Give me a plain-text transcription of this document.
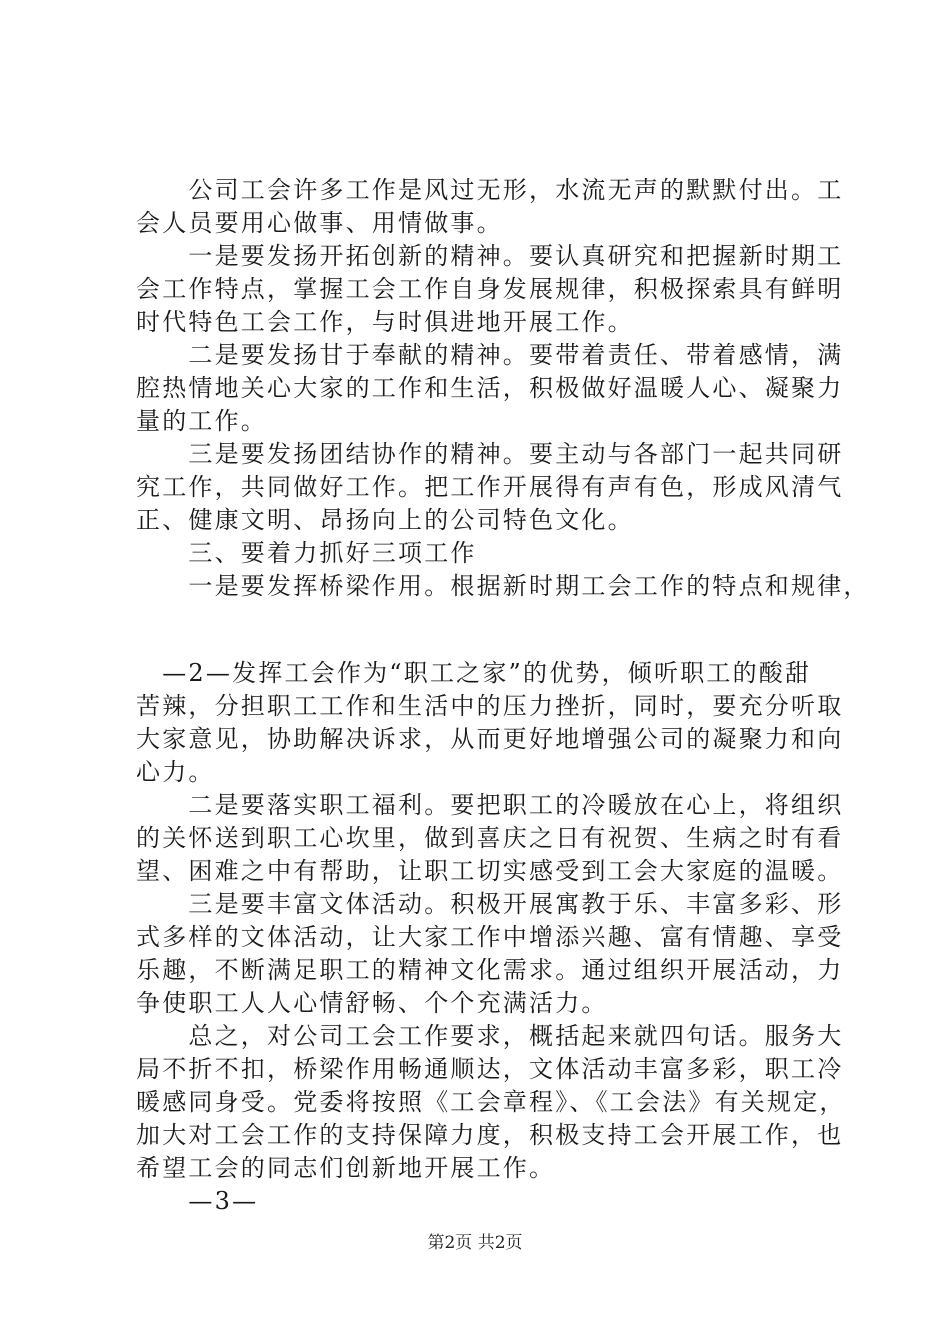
　　公司工会许多工作是风过无形，水流无声的默默付出。工
会人员要用心做事、用情做事。
　　一是要发扬开拓创新的精神。要认真研究和把握新时期工
会工作特点，掌握工会工作自身发展规律，积极探索具有鲜明
时代特色工会工作，与时俱进地开展工作。
　　二是要发扬甘于奉献的精神。要带着责任、带着感情，满
腔热情地关心大家的工作和生活，积极做好温暖人心、凝聚力
量的工作。
　　三是要发扬团结协作的精神。要主动与各部门一起共同研
究工作，共同做好工作。把工作开展得有声有色，形成风清气
正、健康文明、昂扬向上的公司特色文化。
　　三、要着力抓好三项工作
　　一是要发挥桥梁作用。根据新时期工会工作的特点和规律，
　—2—发挥工会作为“职工之家”的优势，倾听职工的酸甜
苦辣，分担职工工作和生活中的压力挫折，同时，要充分听取
大家意见，协助解决诉求，从而更好地增强公司的凝聚力和向
心力。
　　二是要落实职工福利。要把职工的冷暖放在心上，将组织
的关怀送到职工心坎里，做到喜庆之日有祝贺、生病之时有看
望、困难之中有帮助，让职工切实感受到工会大家庭的温暖。
　　三是要丰富文体活动。积极开展寓教于乐、丰富多彩、形
式多样的文体活动，让大家工作中增添兴趣、富有情趣、享受
乐趣，不断满足职工的精神文化需求。通过组织开展活动，力
争使职工人人心情舒畅、个个充满活力。
　　总之，对公司工会工作要求，概括起来就四句话。服务大
局不折不扣，桥梁作用畅通顺达，文体活动丰富多彩，职工冷
暖感同身受。党委将按照《工会章程》、《工会法》有关规定，
加大对工会工作的支持保障力度，积极支持工会开展工作，也
希望工会的同志们创新地开展工作。
　　—3—
第2页 共2页
